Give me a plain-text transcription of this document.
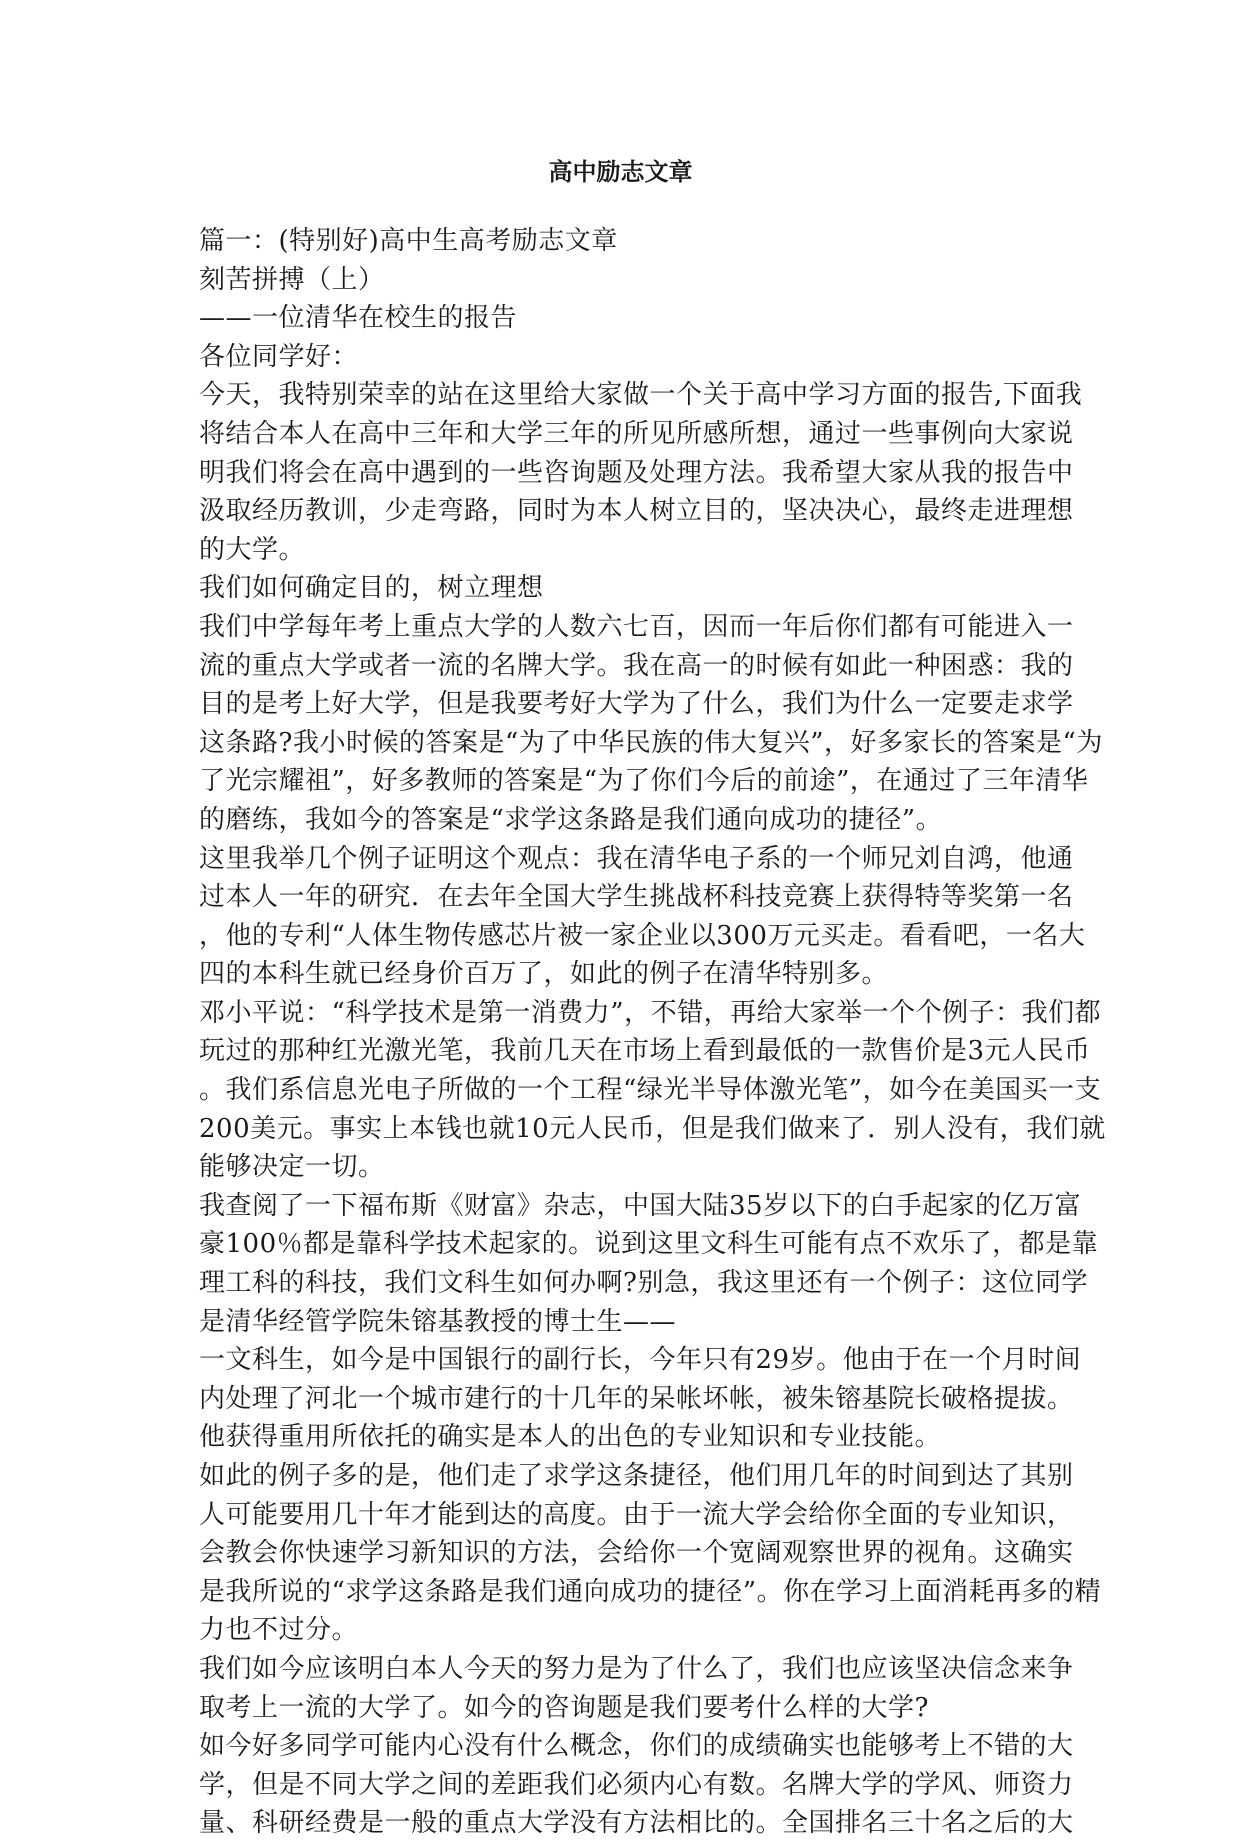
高中励志文章
篇一：(特别好)高中生高考励志文章
刻苦拼搏（上）
——一位清华在校生的报告
各位同学好：
今天，我特别荣幸的站在这里给大家做一个关于高中学习方面的报告,下面我
将结合本人在高中三年和大学三年的所见所感所想，通过一些事例向大家说
明我们将会在高中遇到的一些咨询题及处理方法。我希望大家从我的报告中
汲取经历教训，少走弯路，同时为本人树立目的，坚决决心，最终走进理想
的大学。
我们如何确定目的，树立理想
我们中学每年考上重点大学的人数六七百，因而一年后你们都有可能进入一
流的重点大学或者一流的名牌大学。我在高一的时候有如此一种困惑：我的
目的是考上好大学，但是我要考好大学为了什么，我们为什么一定要走求学
这条路?我小时候的答案是“为了中华民族的伟大复兴”，好多家长的答案是“为
了光宗耀祖”，好多教师的答案是“为了你们今后的前途”，在通过了三年清华
的磨练，我如今的答案是“求学这条路是我们通向成功的捷径”。
这里我举几个例子证明这个观点：我在清华电子系的一个师兄刘自鸿，他通
过本人一年的研究．在去年全国大学生挑战杯科技竞赛上获得特等奖第一名
，他的专利“人体生物传感芯片被一家企业以300万元买走。看看吧，一名大
四的本科生就已经身价百万了，如此的例子在清华特别多。
邓小平说：“科学技术是第一消费力”，不错，再给大家举一个个例子：我们都
玩过的那种红光激光笔，我前几天在市场上看到最低的一款售价是3元人民币
。我们系信息光电子所做的一个工程“绿光半导体激光笔”，如今在美国买一支
200美元。事实上本钱也就10元人民币，但是我们做来了．别人没有，我们就
能够决定一切。
我查阅了一下福布斯《财富》杂志，中国大陆35岁以下的白手起家的亿万富
豪100％都是靠科学技术起家的。说到这里文科生可能有点不欢乐了，都是靠
理工科的科技，我们文科生如何办啊?别急，我这里还有一个例子：这位同学
是清华经管学院朱镕基教授的博士生——
一文科生，如今是中国银行的副行长，今年只有29岁。他由于在一个月时间
内处理了河北一个城市建行的十几年的呆帐坏帐，被朱镕基院长破格提拔。
他获得重用所依托的确实是本人的出色的专业知识和专业技能。
如此的例子多的是，他们走了求学这条捷径，他们用几年的时间到达了其别
人可能要用几十年才能到达的高度。由于一流大学会给你全面的专业知识，
会教会你快速学习新知识的方法，会给你一个宽阔观察世界的视角。这确实
是我所说的“求学这条路是我们通向成功的捷径”。你在学习上面消耗再多的精
力也不过分。
我们如今应该明白本人今天的努力是为了什么了，我们也应该坚决信念来争
取考上一流的大学了。如今的咨询题是我们要考什么样的大学?
如今好多同学可能内心没有什么概念，你们的成绩确实也能够考上不错的大
学，但是不同大学之间的差距我们必须内心有数。名牌大学的学风、师资力
量、科研经费是一般的重点大学没有方法相比的。全国排名三十名之后的大
